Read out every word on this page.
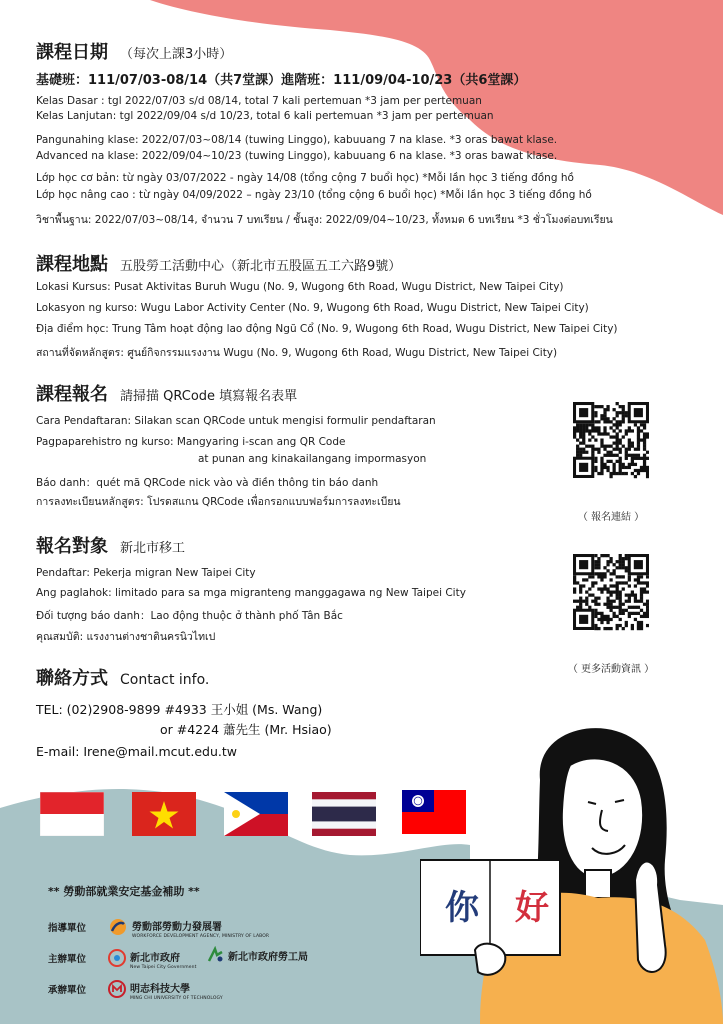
課程日期 （每次上課3小時）
基礎班：111/07/03-08/14（共7堂課）進階班：111/09/04-10/23（共6堂課）
Kelas Dasar : tgl 2022/07/03 s/d 08/14, total 7 kali pertemuan *3 jam per pertemuan
Kelas Lanjutan: tgl 2022/09/04 s/d 10/23, total 6 kali pertemuan *3 jam per pertemuan
Pangunahing klase: 2022/07/03~08/14 (tuwing Linggo), kabuuang 7 na klase. *3 oras bawat klase.
Advanced na klase: 2022/09/04~10/23 (tuwing Linggo), kabuuang 6 na klase. *3 oras bawat klase.
Lớp học cơ bản: từ ngày 03/07/2022 - ngày 14/08 (tổng cộng 7 buổi học) *Mỗi lần học 3 tiếng đồng hồ
Lớp học nâng cao : từ ngày 04/09/2022 – ngày 23/10 (tổng cộng 6 buổi học) *Mỗi lần học 3 tiếng đồng hồ
วิชาพื้นฐาน: 2022/07/03~08/14, จำนวน 7 บทเรียน / ชั้นสูง: 2022/09/04~10/23, ทั้งหมด 6 บทเรียน *3 ชั่วโมงต่อบทเรียน
課程地點 五股勞工活動中心（新北市五股區五工六路9號）
Lokasi Kursus: Pusat Aktivitas Buruh Wugu (No. 9, Wugong 6th Road, Wugu District, New Taipei City)
Lokasyon ng kurso: Wugu Labor Activity Center (No. 9, Wugong 6th Road, Wugu District, New Taipei City)
Địa điểm học: Trung Tâm hoạt động lao động Ngũ Cổ (No. 9, Wugong 6th Road, Wugu District, New Taipei City)
สถานที่จัดหลักสูตร: ศูนย์กิจกรรมแรงงาน Wugu (No. 9, Wugong 6th Road, Wugu District, New Taipei City)
課程報名 請掃描 QRCode 填寫報名表單
Cara Pendaftaran: Silakan scan QRCode untuk mengisi formulir pendaftaran
Pagpaparehistro ng kurso: Mangyaring i-scan ang QR Code
at punan ang kinakailangang impormasyon
Báo danh：quét mã QRCode nick vào và điền thông tin báo danh
การลงทะเบียนหลักสูตร: โปรดสแกน QRCode เพื่อกรอกแบบฟอร์มการลงทะเบียน
（ 報名連結 ）
報名對象 新北市移工
Pendaftar: Pekerja migran New Taipei City
Ang paglahok: limitado para sa mga migranteng manggagawa ng New Taipei City
Đối tượng báo danh：Lao động thuộc ở thành phố Tân Bắc
คุณสมบัติ: แรงงานต่างชาตินครนิวไทเป
（ 更多活動資訊 ）
聯絡方式 Contact info.
TEL: (02)2908-9899 #4933 王小姐 (Ms. Wang)
or #4224 蕭先生 (Mr. Hsiao)
E-mail: Irene@mail.mcut.edu.tw
你	好
** 勞動部就業安定基金補助 **
指導單位	勞動部勞動力發展署
WORKFORCE DEVELOPMENT AGENCY, MINISTRY OF LABOR
主辦單位	新北市政府
New Taipei City Government
新北市政府勞工局
承辦單位	明志科技大學
MING CHI UNIVERSITY OF TECHNOLOGY
